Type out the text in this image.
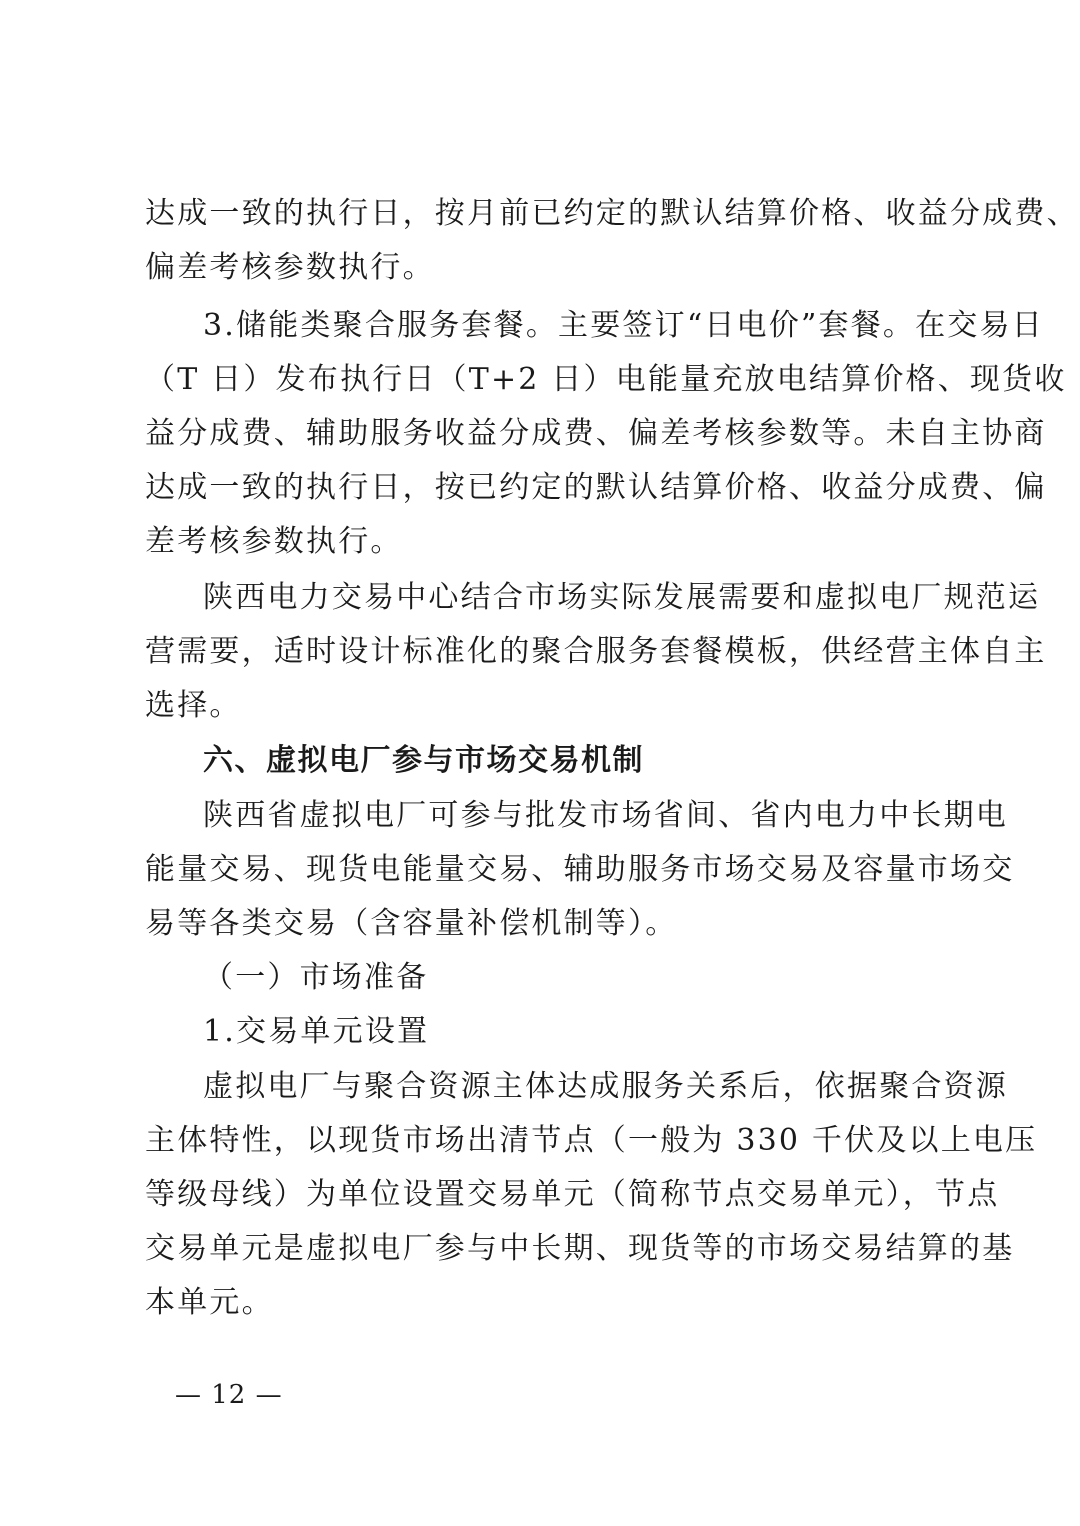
达成一致的执行日，按月前已约定的默认结算价格、收益分成费、
偏差考核参数执行。
3.储能类聚合服务套餐。主要签订“日电价”套餐。在交易日
（T 日）发布执行日（T+2 日）电能量充放电结算价格、现货收
益分成费、辅助服务收益分成费、偏差考核参数等。未自主协商
达成一致的执行日，按已约定的默认结算价格、收益分成费、偏
差考核参数执行。
陕西电力交易中心结合市场实际发展需要和虚拟电厂规范运
营需要，适时设计标准化的聚合服务套餐模板，供经营主体自主
选择。
六、虚拟电厂参与市场交易机制
陕西省虚拟电厂可参与批发市场省间、省内电力中长期电
能量交易、现货电能量交易、辅助服务市场交易及容量市场交
易等各类交易（含容量补偿机制等）。
（一）市场准备
1.交易单元设置
虚拟电厂与聚合资源主体达成服务关系后，依据聚合资源
主体特性，以现货市场出清节点（一般为 330 千伏及以上电压
等级母线）为单位设置交易单元（简称节点交易单元），节点
交易单元是虚拟电厂参与中长期、现货等的市场交易结算的基
本单元。
— 12 —
